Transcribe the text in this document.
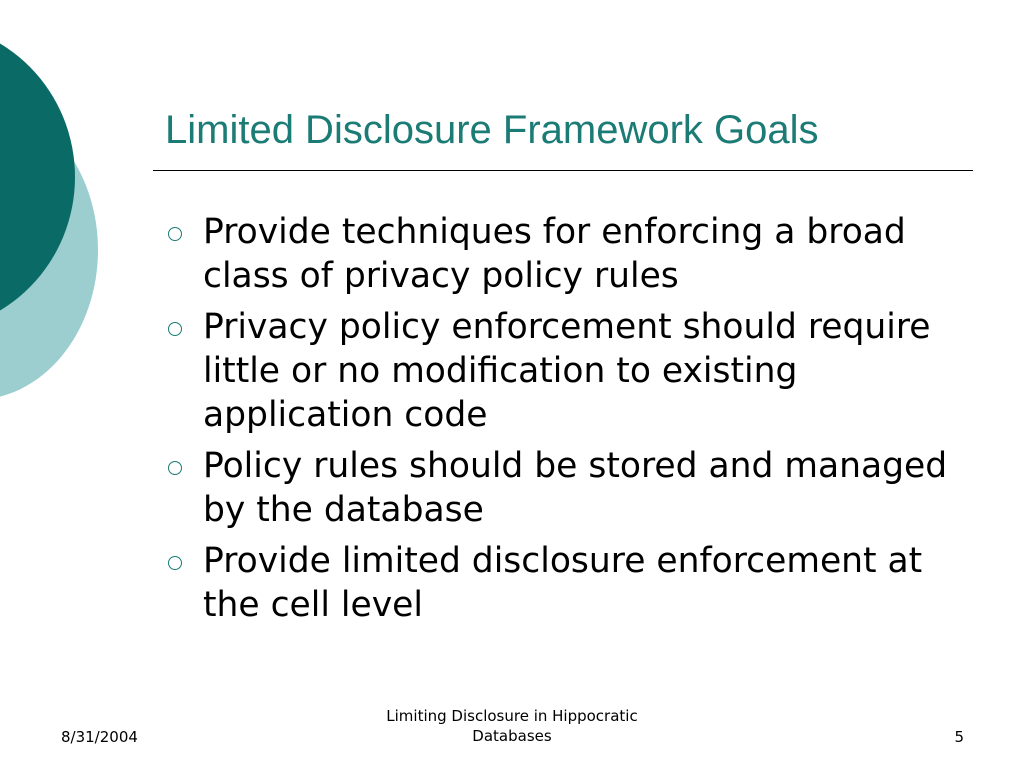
Limited Disclosure Framework Goals
Provide techniques for enforcing a broad class of privacy policy rules
Privacy policy enforcement should require little or no modification to existing application code
Policy rules should be stored and managed by the database
Provide limited disclosure enforcement at the cell level
8/31/2004
Limiting Disclosure in Hippocratic
Databases	5
